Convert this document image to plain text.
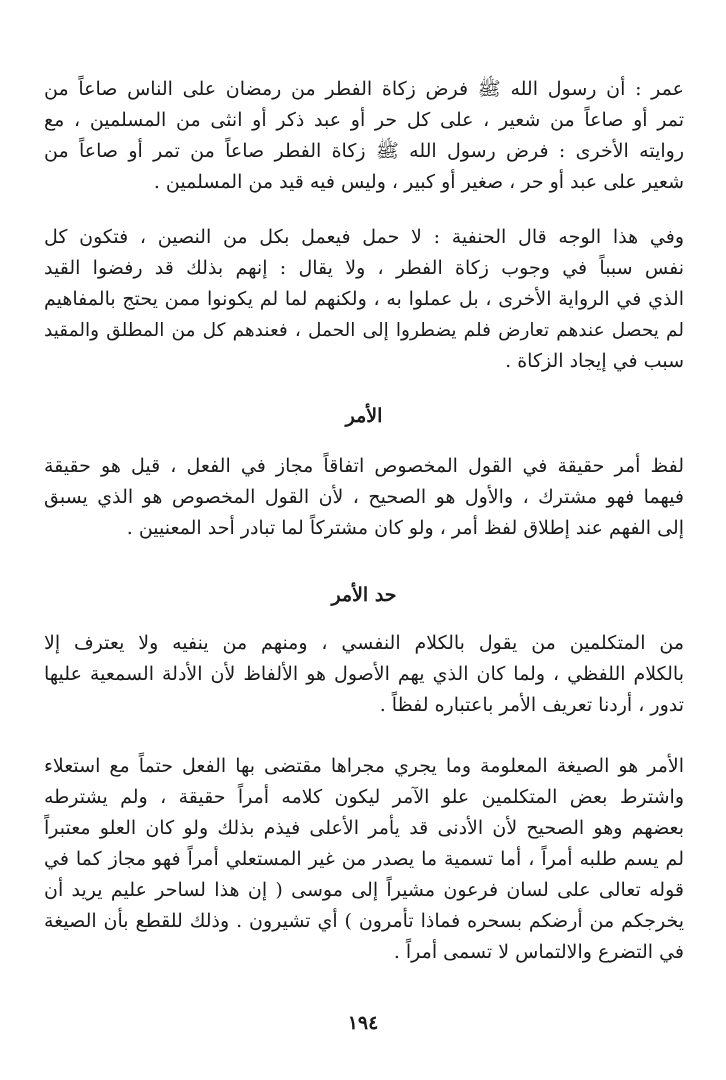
عمر : أن رسول الله ﷺ فرض زكاة الفطر من رمضان على الناس صاعاً من
تمر أو صاعاً من شعير ، على كل حر أو عبد ذكر أو انثى من المسلمين ، مع
روايته الأخرى : فرض رسول الله ﷺ زكاة الفطر صاعاً من تمر أو صاعاً من
شعير على عبد أو حر ، صغير أو كبير ، وليس فيه قيد من المسلمين .
وفي هذا الوجه قال الحنفية : لا حمل فيعمل بكل من النصين ، فتكون كل
نفس سبباً في وجوب زكاة الفطر ، ولا يقال : إنهم بذلك قد رفضوا القيد
الذي في الرواية الأخرى ، بل عملوا به ، ولكنهم لما لم يكونوا ممن يحتج بالمفاهيم
لم يحصل عندهم تعارض فلم يضطروا إلى الحمل ، فعندهم كل من المطلق والمقيد
سبب في إيجاد الزكاة .
الأمر
لفظ أمر حقيقة في القول المخصوص اتفاقاً مجاز في الفعل ، قيل هو حقيقة
فيهما فهو مشترك ، والأول هو الصحيح ، لأن القول المخصوص هو الذي يسبق
إلى الفهم عند إطلاق لفظ أمر ، ولو كان مشتركاً لما تبادر أحد المعنيين .
حد الأمر
من المتكلمين من يقول بالكلام النفسي ، ومنهم من ينفيه ولا يعترف إلا
بالكلام اللفظي ، ولما كان الذي يهم الأصول هو الألفاظ لأن الأدلة السمعية عليها
تدور ، أردنا تعريف الأمر باعتباره لفظاً .
الأمر هو الصيغة المعلومة وما يجري مجراها مقتضى بها الفعل حتماً مع استعلاء
واشترط بعض المتكلمين علو الآمر ليكون كلامه أمراً حقيقة ، ولم يشترطه
بعضهم وهو الصحيح لأن الأدنى قد يأمر الأعلى فيذم بذلك ولو كان العلو معتبراً
لم يسم طلبه أمراً ، أما تسمية ما يصدر من غير المستعلي أمراً فهو مجاز كما في
قوله تعالى على لسان فرعون مشيراً إلى موسى ( إن هذا لساحر عليم يريد أن
يخرجكم من أرضكم بسحره فماذا تأمرون ) أي تشيرون . وذلك للقطع بأن الصيغة
في التضرع والالتماس لا تسمى أمراً .
١٩٤
